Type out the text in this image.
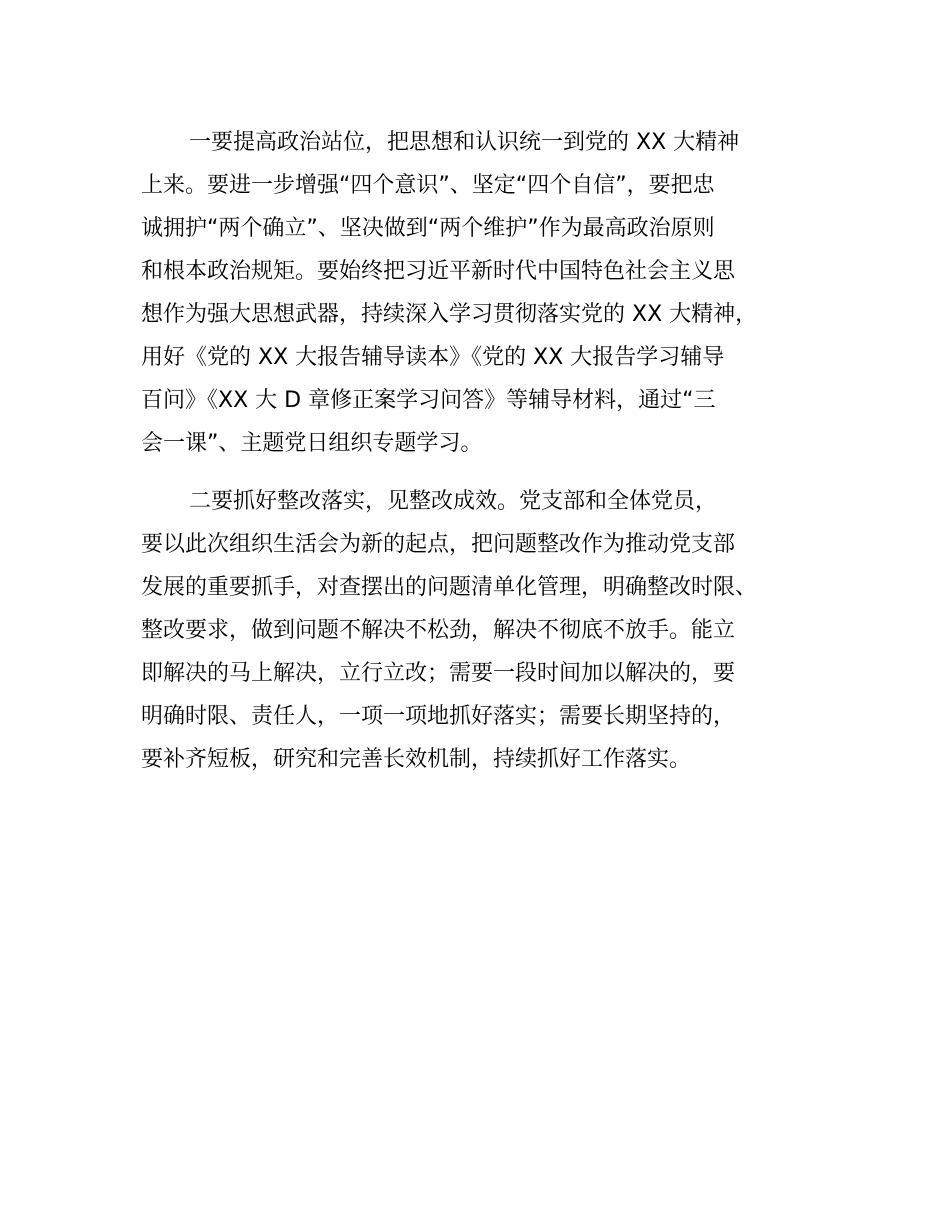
一要提高政治站位，把思想和认识统一到党的 XX 大精神
上来。要进一步增强“四个意识”、坚定“四个自信”，要把忠
诚拥护“两个确立”、坚决做到“两个维护”作为最高政治原则
和根本政治规矩。要始终把习近平新时代中国特色社会主义思
想作为强大思想武器，持续深入学习贯彻落实党的 XX 大精神，
用好《党的 XX 大报告辅导读本》《党的 XX 大报告学习辅导
百问》《XX 大 D 章修正案学习问答》等辅导材料，通过“三
会一课”、主题党日组织专题学习。

二要抓好整改落实，见整改成效。党支部和全体党员，
要以此次组织生活会为新的起点，把问题整改作为推动党支部
发展的重要抓手，对查摆出的问题清单化管理，明确整改时限、
整改要求，做到问题不解决不松劲，解决不彻底不放手。能立
即解决的马上解决，立行立改；需要一段时间加以解决的，要
明确时限、责任人，一项一项地抓好落实；需要长期坚持的，
要补齐短板，研究和完善长效机制，持续抓好工作落实。
